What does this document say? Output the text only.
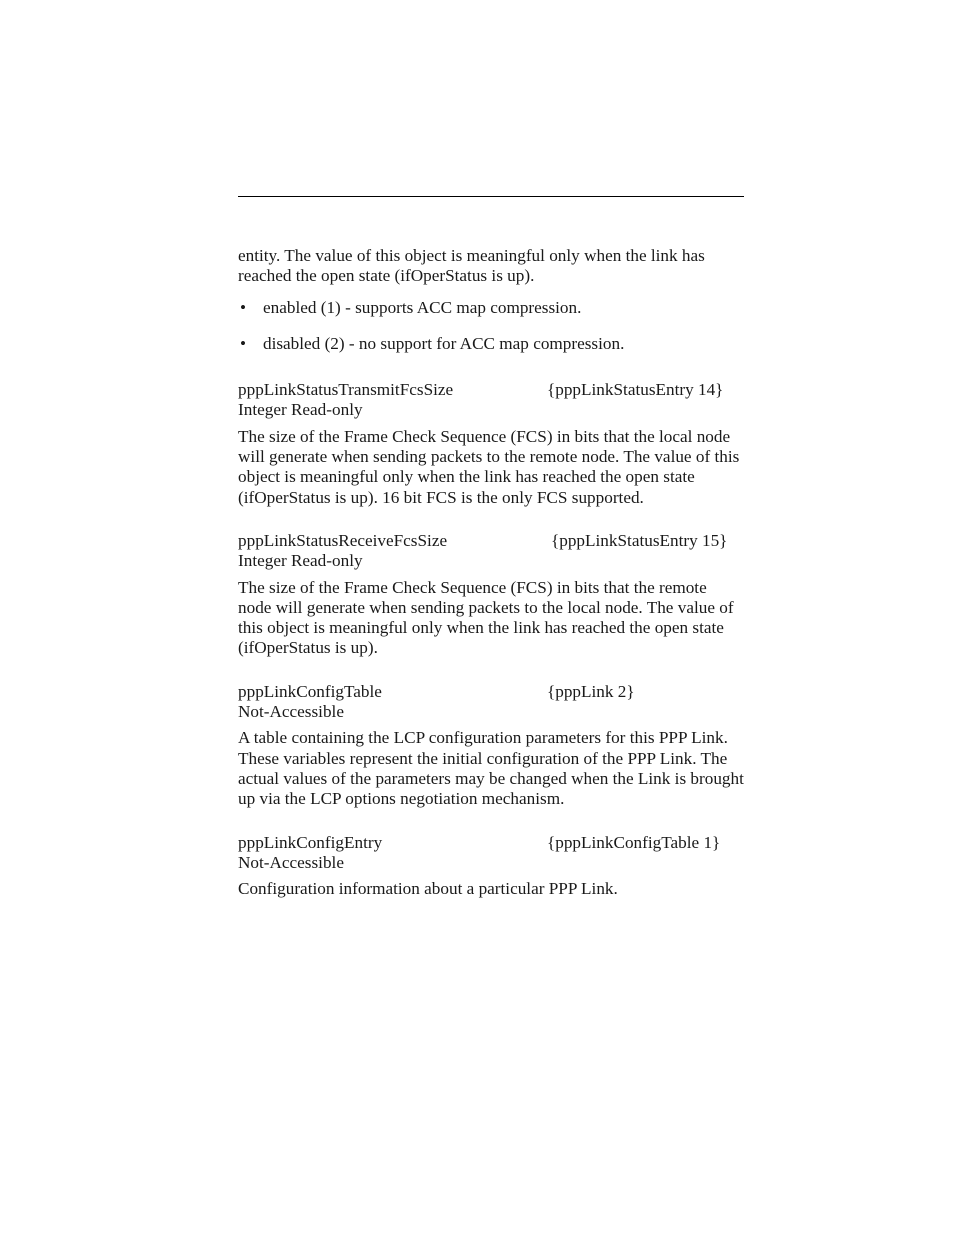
entity. The value of this object is meaningful only when the link has reached the open state (ifOperStatus is up).

• enabled (1) - supports ACC map compression.
• disabled (2) - no support for ACC map compression.
pppLinkStatusTransmitFcsSize	{pppLinkStatusEntry 14}
Integer Read-only

The size of the Frame Check Sequence (FCS) in bits that the local node will generate when sending packets to the remote node. The value of this object is meaningful only when the link has reached the open state (ifOperStatus is up). 16 bit FCS is the only FCS supported.

pppLinkStatusReceiveFcsSize	{pppLinkStatusEntry 15}
Integer Read-only

The size of the Frame Check Sequence (FCS) in bits that the remote node will generate when sending packets to the local node. The value of this object is meaningful only when the link has reached the open state (ifOperStatus is up).

pppLinkConfigTable	{pppLink 2}
Not-Accessible

A table containing the LCP configuration parameters for this PPP Link. These variables represent the initial configuration of the PPP Link. The actual values of the parameters may be changed when the Link is brought up via the LCP options negotiation mechanism.

pppLinkConfigEntry	{pppLinkConfigTable 1}
Not-Accessible

Configuration information about a particular PPP Link.
